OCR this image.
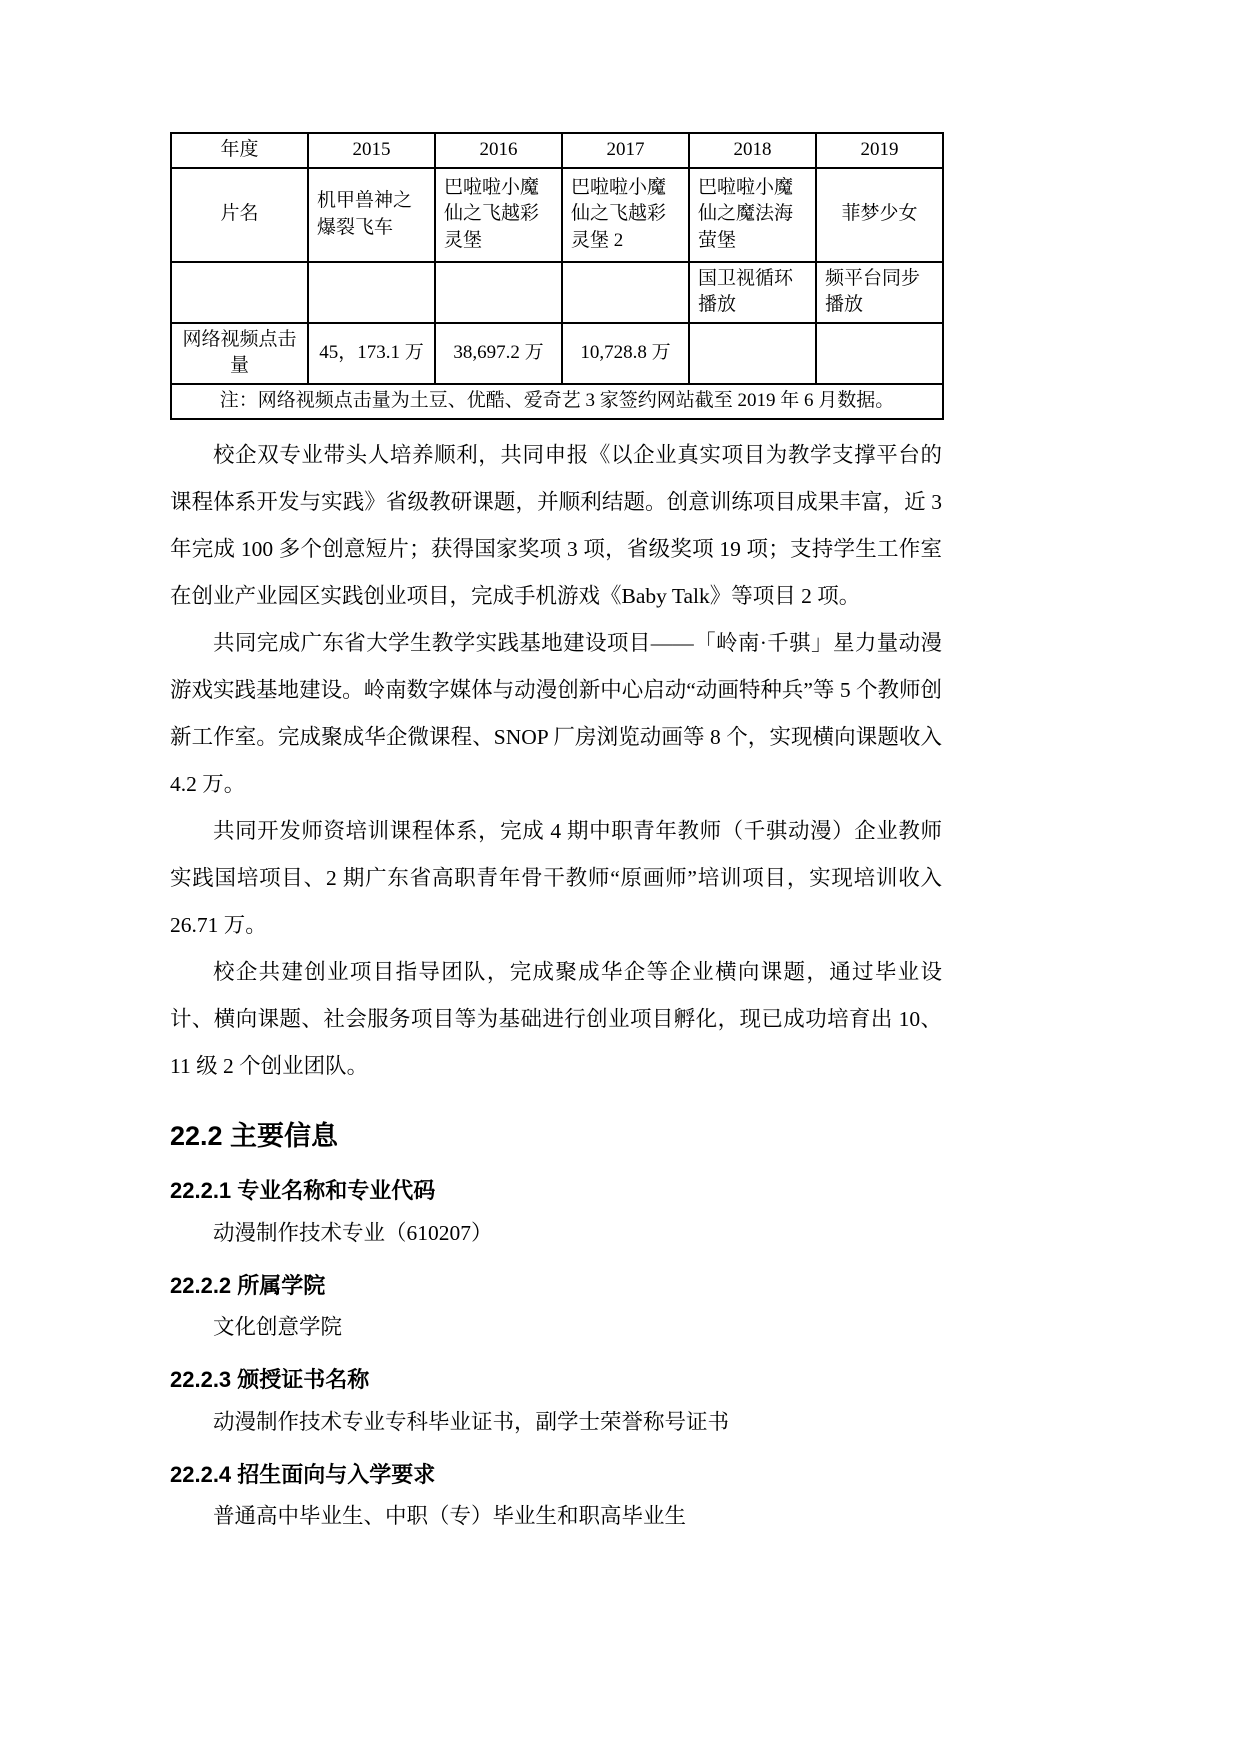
年度	2015	2016	2017	2018	2019
片名	机甲兽神之爆裂飞车	巴啦啦小魔仙之飞越彩灵堡	巴啦啦小魔仙之飞越彩灵堡 2	巴啦啦小魔仙之魔法海萤堡	菲梦少女
				国卫视循环播放	频平台同步播放
网络视频点击量	45，173.1 万	38,697.2 万	10,728.8 万		
注：网络视频点击量为土豆、优酷、爱奇艺 3 家签约网站截至 2019 年 6 月数据。					

校企双专业带头人培养顺利，共同申报《以企业真实项目为教学支撑平台的课程体系开发与实践》省级教研课题，并顺利结题。创意训练项目成果丰富，近 3 年完成 100 多个创意短片；获得国家奖项 3 项，省级奖项 19 项；支持学生工作室在创业产业园区实践创业项目，完成手机游戏《Baby Talk》等项目 2 项。

共同完成广东省大学生教学实践基地建设项目——「岭南·千骐」星力量动漫游戏实践基地建设。岭南数字媒体与动漫创新中心启动“动画特种兵”等 5 个教师创新工作室。完成聚成华企微课程、SNOP 厂房浏览动画等 8 个，实现横向课题收入 4.2 万。

共同开发师资培训课程体系，完成 4 期中职青年教师（千骐动漫）企业教师实践国培项目、2 期广东省高职青年骨干教师“原画师”培训项目，实现培训收入 26.71 万。

校企共建创业项目指导团队，完成聚成华企等企业横向课题，通过毕业设计、横向课题、社会服务项目等为基础进行创业项目孵化，现已成功培育出 10、11 级 2 个创业团队。

22.2 主要信息
22.2.1 专业名称和专业代码
动漫制作技术专业（610207）
22.2.2 所属学院
文化创意学院
22.2.3 颁授证书名称
动漫制作技术专业专科毕业证书，副学士荣誉称号证书
22.2.4 招生面向与入学要求
普通高中毕业生、中职（专）毕业生和职高毕业生
